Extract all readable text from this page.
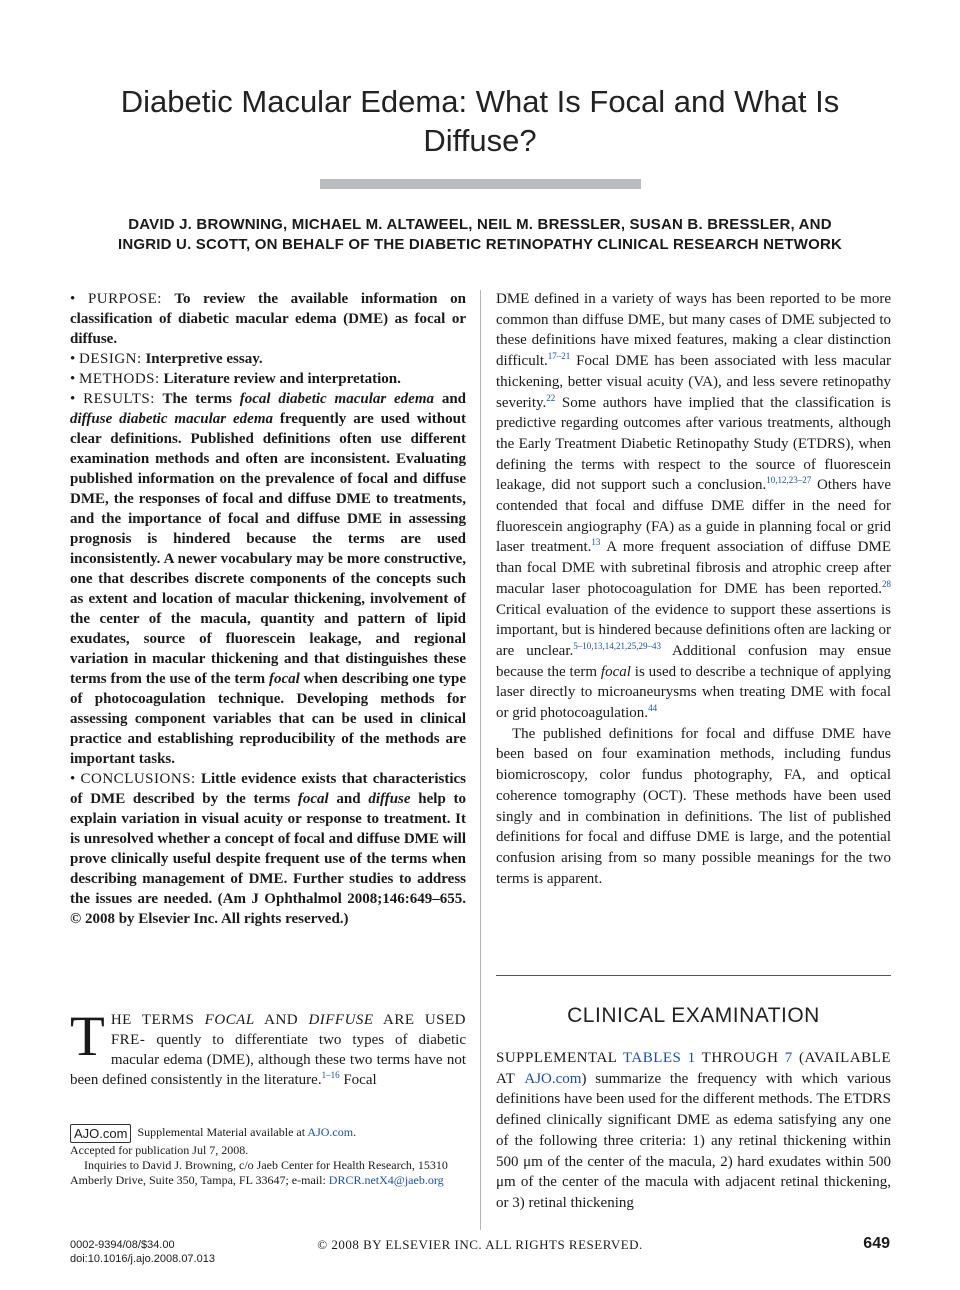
Diabetic Macular Edema: What Is Focal and What Is Diffuse?
DAVID J. BROWNING, MICHAEL M. ALTAWEEL, NEIL M. BRESSLER, SUSAN B. BRESSLER, AND
INGRID U. SCOTT, ON BEHALF OF THE DIABETIC RETINOPATHY CLINICAL RESEARCH NETWORK

• PURPOSE: To review the available information on classification of diabetic macular edema (DME) as focal or diffuse.

• DESIGN: Interpretive essay.

• METHODS: Literature review and interpretation.

• RESULTS: The terms focal diabetic macular edema and diffuse diabetic macular edema frequently are used without clear definitions. Published definitions often use different examination methods and often are inconsistent. Evaluating published information on the prevalence of focal and diffuse DME, the responses of focal and diffuse DME to treatments, and the importance of focal and diffuse DME in assessing prognosis is hindered because the terms are used inconsistently. A newer vocabulary may be more constructive, one that describes discrete components of the concepts such as extent and location of macular thickening, involvement of the center of the macula, quantity and pattern of lipid exudates, source of fluorescein leakage, and regional variation in macular thickening and that distinguishes these terms from the use of the term focal when describing one type of photocoagulation technique. Developing methods for assessing component variables that can be used in clinical practice and establishing reproducibility of the methods are important tasks.

• CONCLUSIONS: Little evidence exists that characteristics of DME described by the terms focal and diffuse help to explain variation in visual acuity or response to treatment. It is unresolved whether a concept of focal and diffuse DME will prove clinically useful despite frequent use of the terms when describing management of DME. Further studies to address the issues are needed. (Am J Ophthalmol 2008;146:649–655. © 2008 by Elsevier Inc. All rights reserved.)

THE TERMS FOCAL AND DIFFUSE ARE USED FRE- quently to differentiate two types of diabetic macular edema (DME), although these two terms have not been defined consistently in the literature.$^{1-16}$ Focal

AJO.com Supplemental Material available at AJO.com.

Accepted for publication Jul 7, 2008.

Inquiries to David J. Browning, c/o Jaeb Center for Health Research, 15310 Amberly Drive, Suite 350, Tampa, FL 33647; e-mail: DRCR.netX4@jaeb.org

DME defined in a variety of ways has been reported to be more common than diffuse DME, but many cases of DME subjected to these definitions have mixed features, making a clear distinction difficult.$^{17-21}$ Focal DME has been associated with less macular thickening, better visual acuity (VA), and less severe retinopathy severity.$^{22}$ Some authors have implied that the classification is predictive regarding outcomes after various treatments, although the Early Treatment Diabetic Retinopathy Study (ETDRS), when defining the terms with respect to the source of fluorescein leakage, did not support such a conclusion.$^{10,12,23-27}$ Others have contended that focal and diffuse DME differ in the need for fluorescein angiography (FA) as a guide in planning focal or grid laser treatment.$^{13}$ A more frequent association of diffuse DME than focal DME with subretinal fibrosis and atrophic creep after macular laser photocoagulation for DME has been reported.$^{28}$ Critical evaluation of the evidence to support these assertions is important, but is hindered because definitions often are lacking or are unclear.$^{5-10,13,14,21,25,29-43}$ Additional confusion may ensue because the term focal is used to describe a technique of applying laser directly to microaneurysms when treating DME with focal or grid photocoagulation.$^{44}$

The published definitions for focal and diffuse DME have been based on four examination methods, including fundus biomicroscopy, color fundus photography, FA, and optical coherence tomography (OCT). These methods have been used singly and in combination in definitions. The list of published definitions for focal and diffuse DME is large, and the potential confusion arising from so many possible meanings for the two terms is apparent.

CLINICAL EXAMINATION

SUPPLEMENTAL TABLES 1 THROUGH 7 (AVAILABLE AT AJO.com) summarize the frequency with which various definitions have been used for the different methods. The ETDRS defined clinically significant DME as edema satisfying any one of the following three criteria: 1) any retinal thickening within 500 μm of the center of the macula, 2) hard exudates within 500 μm of the center of the macula with adjacent retinal thickening, or 3) retinal thickening

0002-9394/08/$34.00
doi:10.1016/j.ajo.2008.07.013
© 2008 BY ELSEVIER INC. ALL RIGHTS RESERVED.	649
